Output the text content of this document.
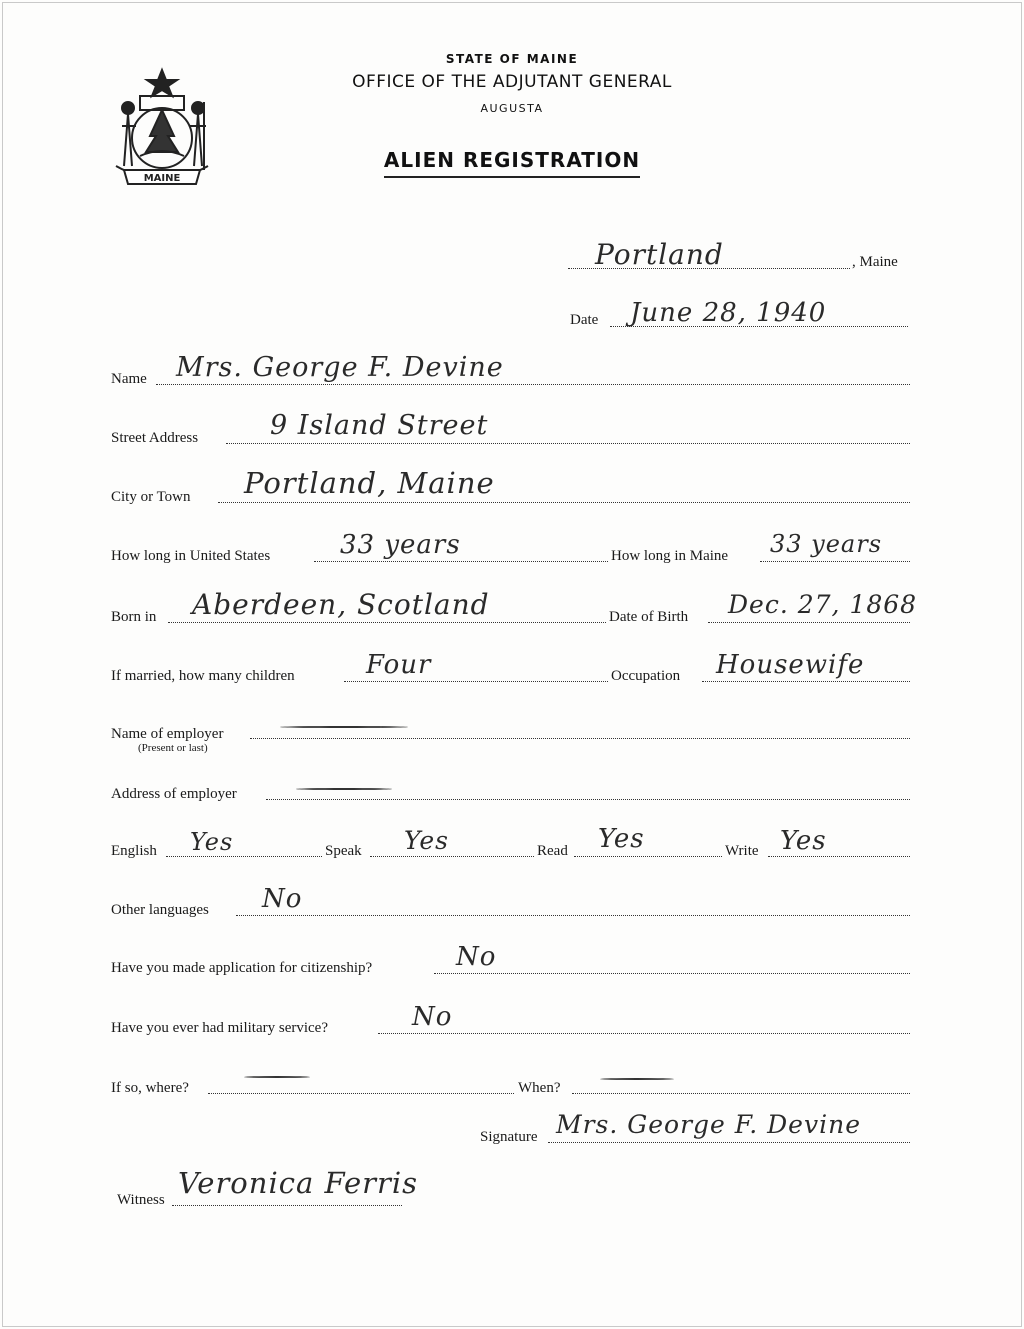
MAINE
STATE OF MAINE
OFFICE OF THE ADJUTANT GENERAL
AUGUSTA
ALIEN REGISTRATION
Portland	, Maine
Date June 28, 1940
Name Mrs. George F. Devine
Street Address	9 Island Street
City or Town Portland, Maine
How long in United States	33 years	How long in Maine 33 years
Born in Aberdeen, Scotland	Date of Birth Dec. 27, 1868
If married, how many children	Four	Occupation Housewife
Name of employer
(Present or last)
Address of employer
English Yes	Speak Yes	Read Yes	Write Yes
Other languages No
Have you made application for citizenship?	No
Have you ever had military service?	No
If so, where?	When?
Signature Mrs. George F. Devine
Witness Veronica Ferris
